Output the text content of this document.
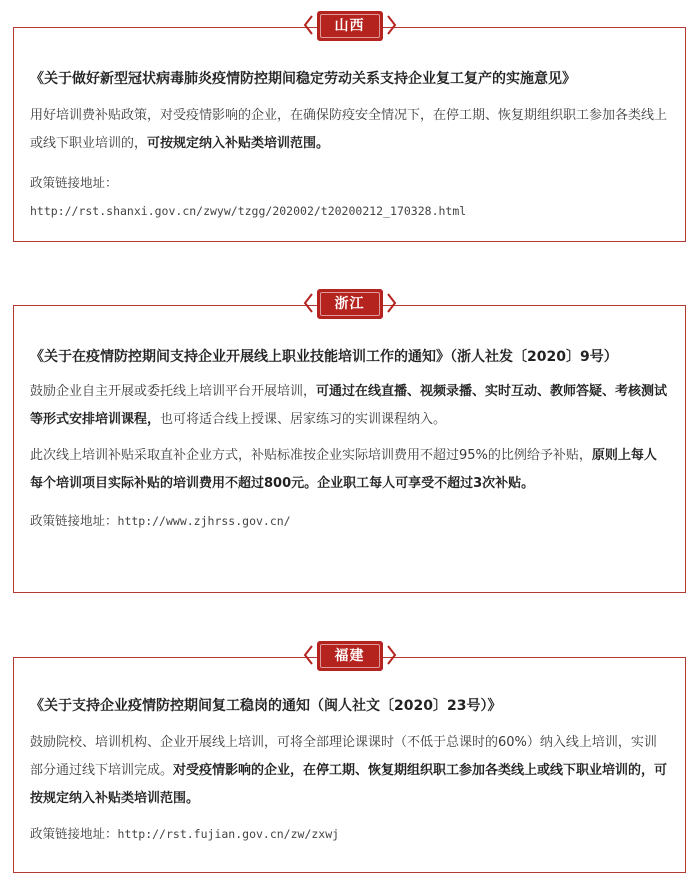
山西

《关于做好新型冠状病毒肺炎疫情防控期间稳定劳动关系支持企业复工复产的实施意见》

用好培训费补贴政策，对受疫情影响的企业，在确保防疫安全情况下，在停工期、恢复期组织职工参加各类线上或线下职业培训的，可按规定纳入补贴类培训范围。

政策链接地址：

http://rst.shanxi.gov.cn/zwyw/tzgg/202002/t20200212_170328.html

浙江

《关于在疫情防控期间支持企业开展线上职业技能培训工作的通知》（浙人社发〔2020〕9号）

鼓励企业自主开展或委托线上培训平台开展培训，可通过在线直播、视频录播、实时互动、教师答疑、考核测试等形式安排培训课程，也可将适合线上授课、居家练习的实训课程纳入。

此次线上培训补贴采取直补企业方式，补贴标准按企业实际培训费用不超过95%的比例给予补贴，原则上每人每个培训项目实际补贴的培训费用不超过800元。企业职工每人可享受不超过3次补贴。

政策链接地址：http://www.zjhrss.gov.cn/

福建

《关于支持企业疫情防控期间复工稳岗的通知（闽人社文〔2020〕23号）》

鼓励院校、培训机构、企业开展线上培训，可将全部理论课课时（不低于总课时的60%）纳入线上培训，实训部分通过线下培训完成。对受疫情影响的企业，在停工期、恢复期组织职工参加各类线上或线下职业培训的，可按规定纳入补贴类培训范围。

政策链接地址：http://rst.fujian.gov.cn/zw/zxwj
